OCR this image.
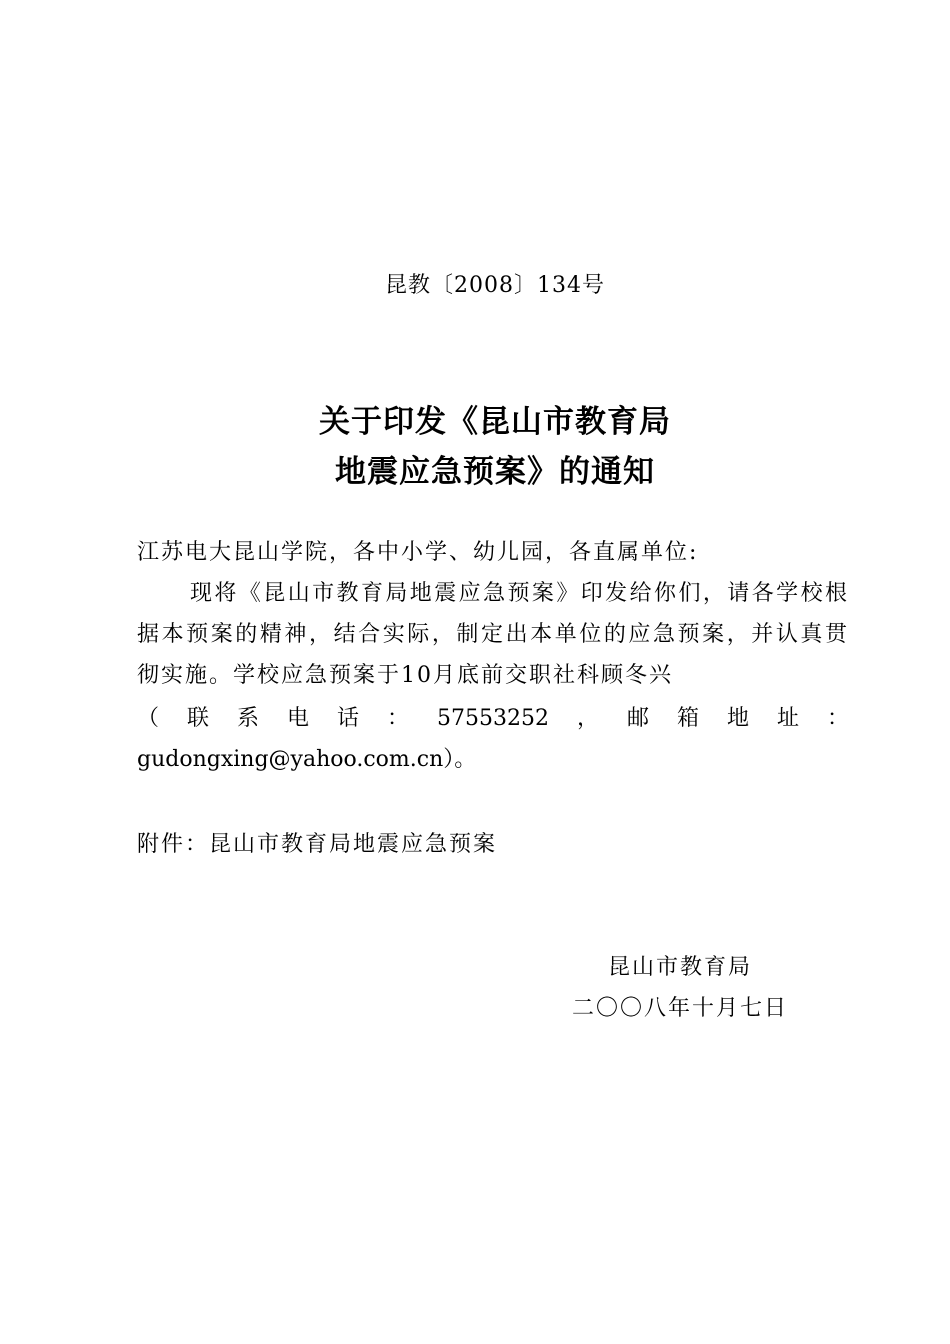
昆教〔2008〕134号
关于印发《昆山市教育局
地震应急预案》的通知
江苏电大昆山学院，各中小学、幼儿园，各直属单位:
现将《昆山市教育局地震应急预案》印发给你们，请各学校根据本预案的精神，结合实际，制定出本单位的应急预案，并认真贯彻实施。学校应急预案于10月底前交职社科顾冬兴
（ 联 系 电 话 ： 57553252 ， 邮 箱 地 址 ：
gudongxing@yahoo.com.cn）。
附件：昆山市教育局地震应急预案
昆山市教育局
二〇〇八年十月七日
